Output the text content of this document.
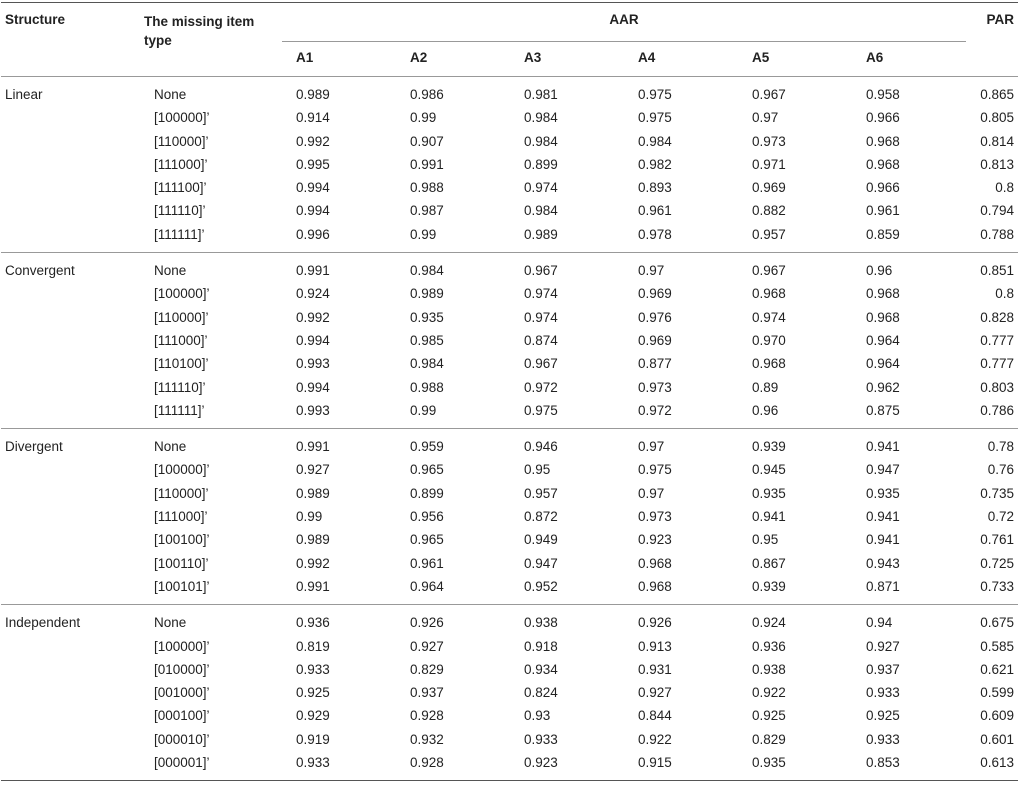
Structure	The missing item type	AAR						PAR
		A1	A2	A3	A4	A5	A6	
Linear	None	0.989	0.986	0.981	0.975	0.967	0.958	0.865
	[100000]’	0.914	0.99	0.984	0.975	0.97	0.966	0.805
	[110000]’	0.992	0.907	0.984	0.984	0.973	0.968	0.814
	[111000]’	0.995	0.991	0.899	0.982	0.971	0.968	0.813
	[111100]’	0.994	0.988	0.974	0.893	0.969	0.966	0.8
	[111110]’	0.994	0.987	0.984	0.961	0.882	0.961	0.794
	[111111]’	0.996	0.99	0.989	0.978	0.957	0.859	0.788
Convergent	None	0.991	0.984	0.967	0.97	0.967	0.96	0.851
	[100000]’	0.924	0.989	0.974	0.969	0.968	0.968	0.8
	[110000]’	0.992	0.935	0.974	0.976	0.974	0.968	0.828
	[111000]’	0.994	0.985	0.874	0.969	0.970	0.964	0.777
	[110100]’	0.993	0.984	0.967	0.877	0.968	0.964	0.777
	[111110]’	0.994	0.988	0.972	0.973	0.89	0.962	0.803
	[111111]’	0.993	0.99	0.975	0.972	0.96	0.875	0.786
Divergent	None	0.991	0.959	0.946	0.97	0.939	0.941	0.78
	[100000]’	0.927	0.965	0.95	0.975	0.945	0.947	0.76
	[110000]’	0.989	0.899	0.957	0.97	0.935	0.935	0.735
	[111000]’	0.99	0.956	0.872	0.973	0.941	0.941	0.72
	[100100]’	0.989	0.965	0.949	0.923	0.95	0.941	0.761
	[100110]’	0.992	0.961	0.947	0.968	0.867	0.943	0.725
	[100101]’	0.991	0.964	0.952	0.968	0.939	0.871	0.733
Independent	None	0.936	0.926	0.938	0.926	0.924	0.94	0.675
	[100000]’	0.819	0.927	0.918	0.913	0.936	0.927	0.585
	[010000]’	0.933	0.829	0.934	0.931	0.938	0.937	0.621
	[001000]’	0.925	0.937	0.824	0.927	0.922	0.933	0.599
	[000100]’	0.929	0.928	0.93	0.844	0.925	0.925	0.609
	[000010]’	0.919	0.932	0.933	0.922	0.829	0.933	0.601
	[000001]’	0.933	0.928	0.923	0.915	0.935	0.853	0.613
